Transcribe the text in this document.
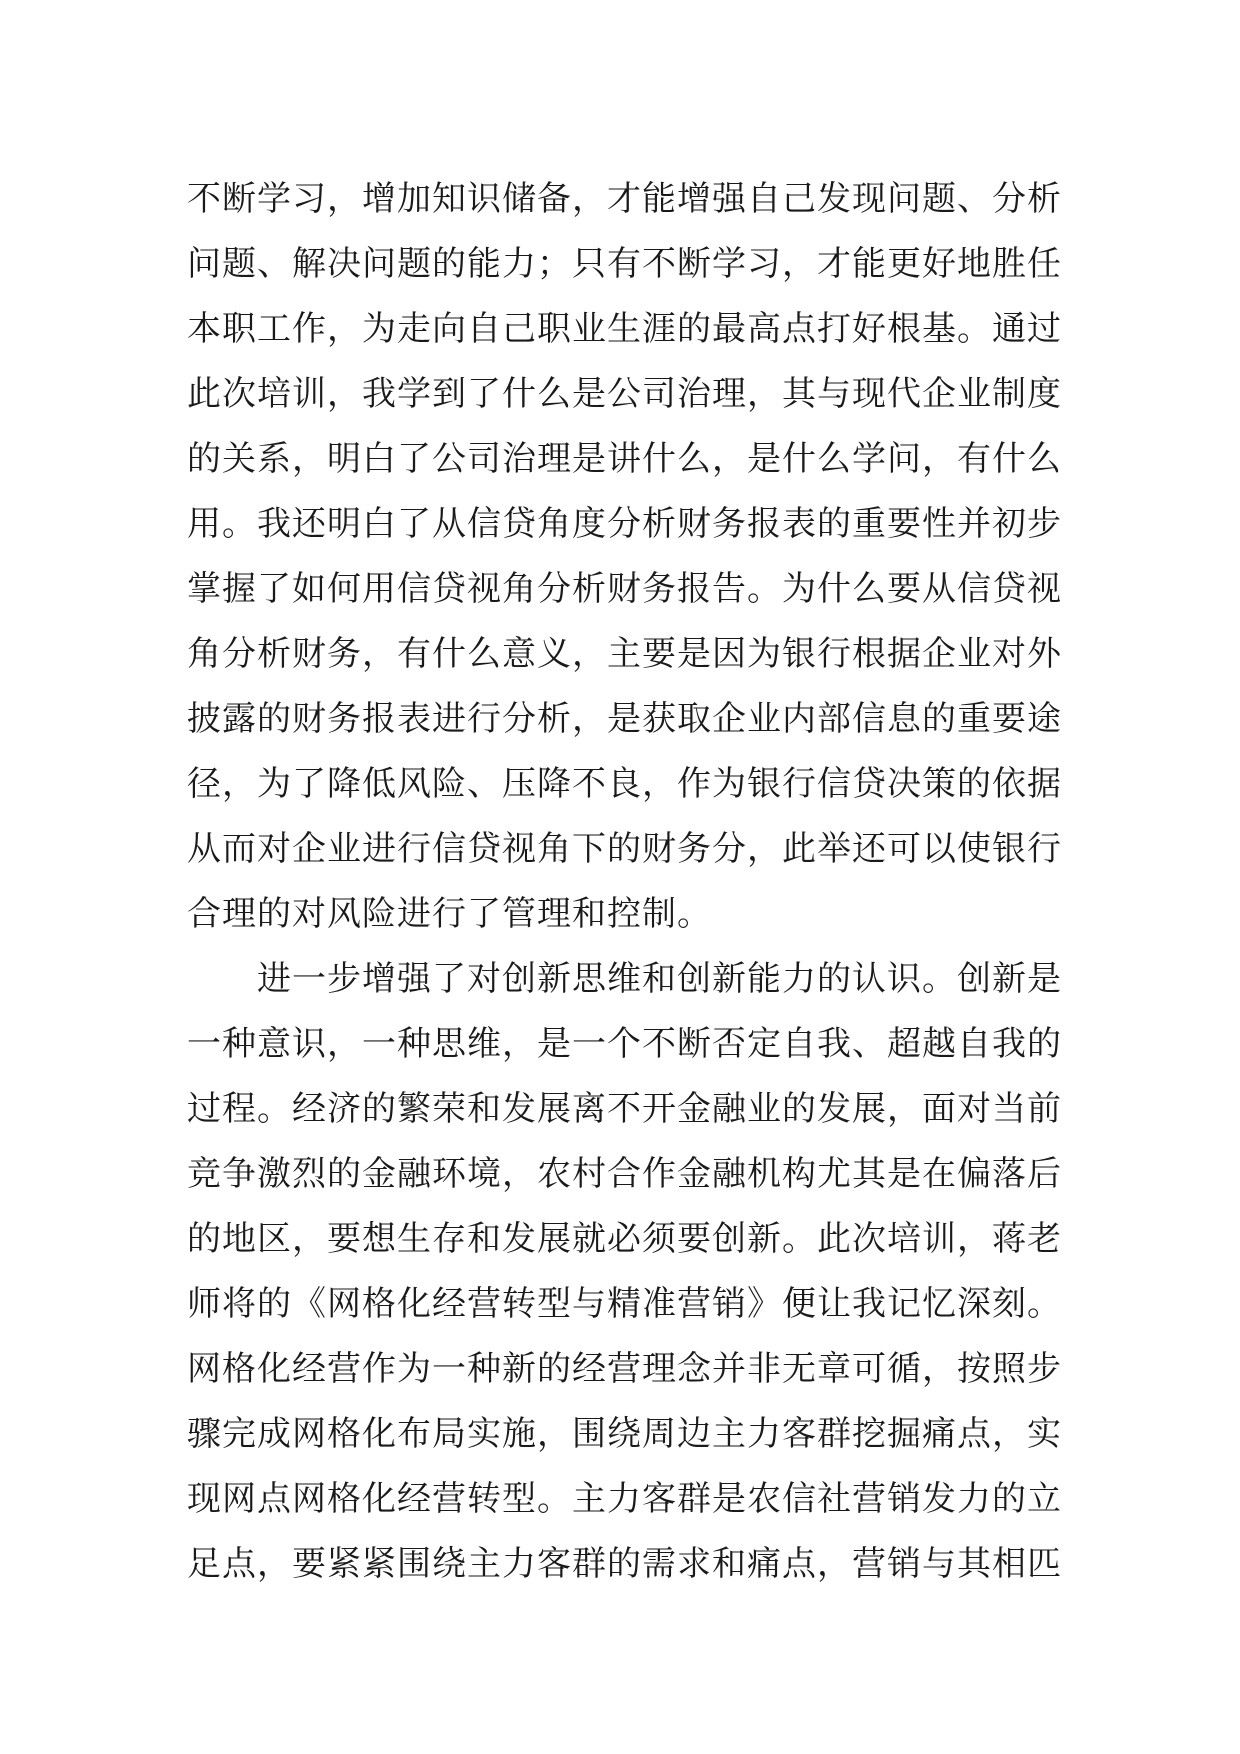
不断学习，增加知识储备，才能增强自己发现问题、分析
问题、解决问题的能力；只有不断学习，才能更好地胜任
本职工作，为走向自己职业生涯的最高点打好根基。通过
此次培训，我学到了什么是公司治理，其与现代企业制度
的关系，明白了公司治理是讲什么，是什么学问，有什么
用。我还明白了从信贷角度分析财务报表的重要性并初步
掌握了如何用信贷视角分析财务报告。为什么要从信贷视
角分析财务，有什么意义，主要是因为银行根据企业对外
披露的财务报表进行分析，是获取企业内部信息的重要途
径，为了降低风险、压降不良，作为银行信贷决策的依据
从而对企业进行信贷视角下的财务分，此举还可以使银行
合理的对风险进行了管理和控制。
进一步增强了对创新思维和创新能力的认识。创新是
一种意识，一种思维，是一个不断否定自我、超越自我的
过程。经济的繁荣和发展离不开金融业的发展，面对当前
竞争激烈的金融环境，农村合作金融机构尤其是在偏落后
的地区，要想生存和发展就必须要创新。此次培训，蒋老
师将的《网格化经营转型与精准营销》便让我记忆深刻。
网格化经营作为一种新的经营理念并非无章可循，按照步
骤完成网格化布局实施，围绕周边主力客群挖掘痛点，实
现网点网格化经营转型。主力客群是农信社营销发力的立
足点，要紧紧围绕主力客群的需求和痛点，营销与其相匹
